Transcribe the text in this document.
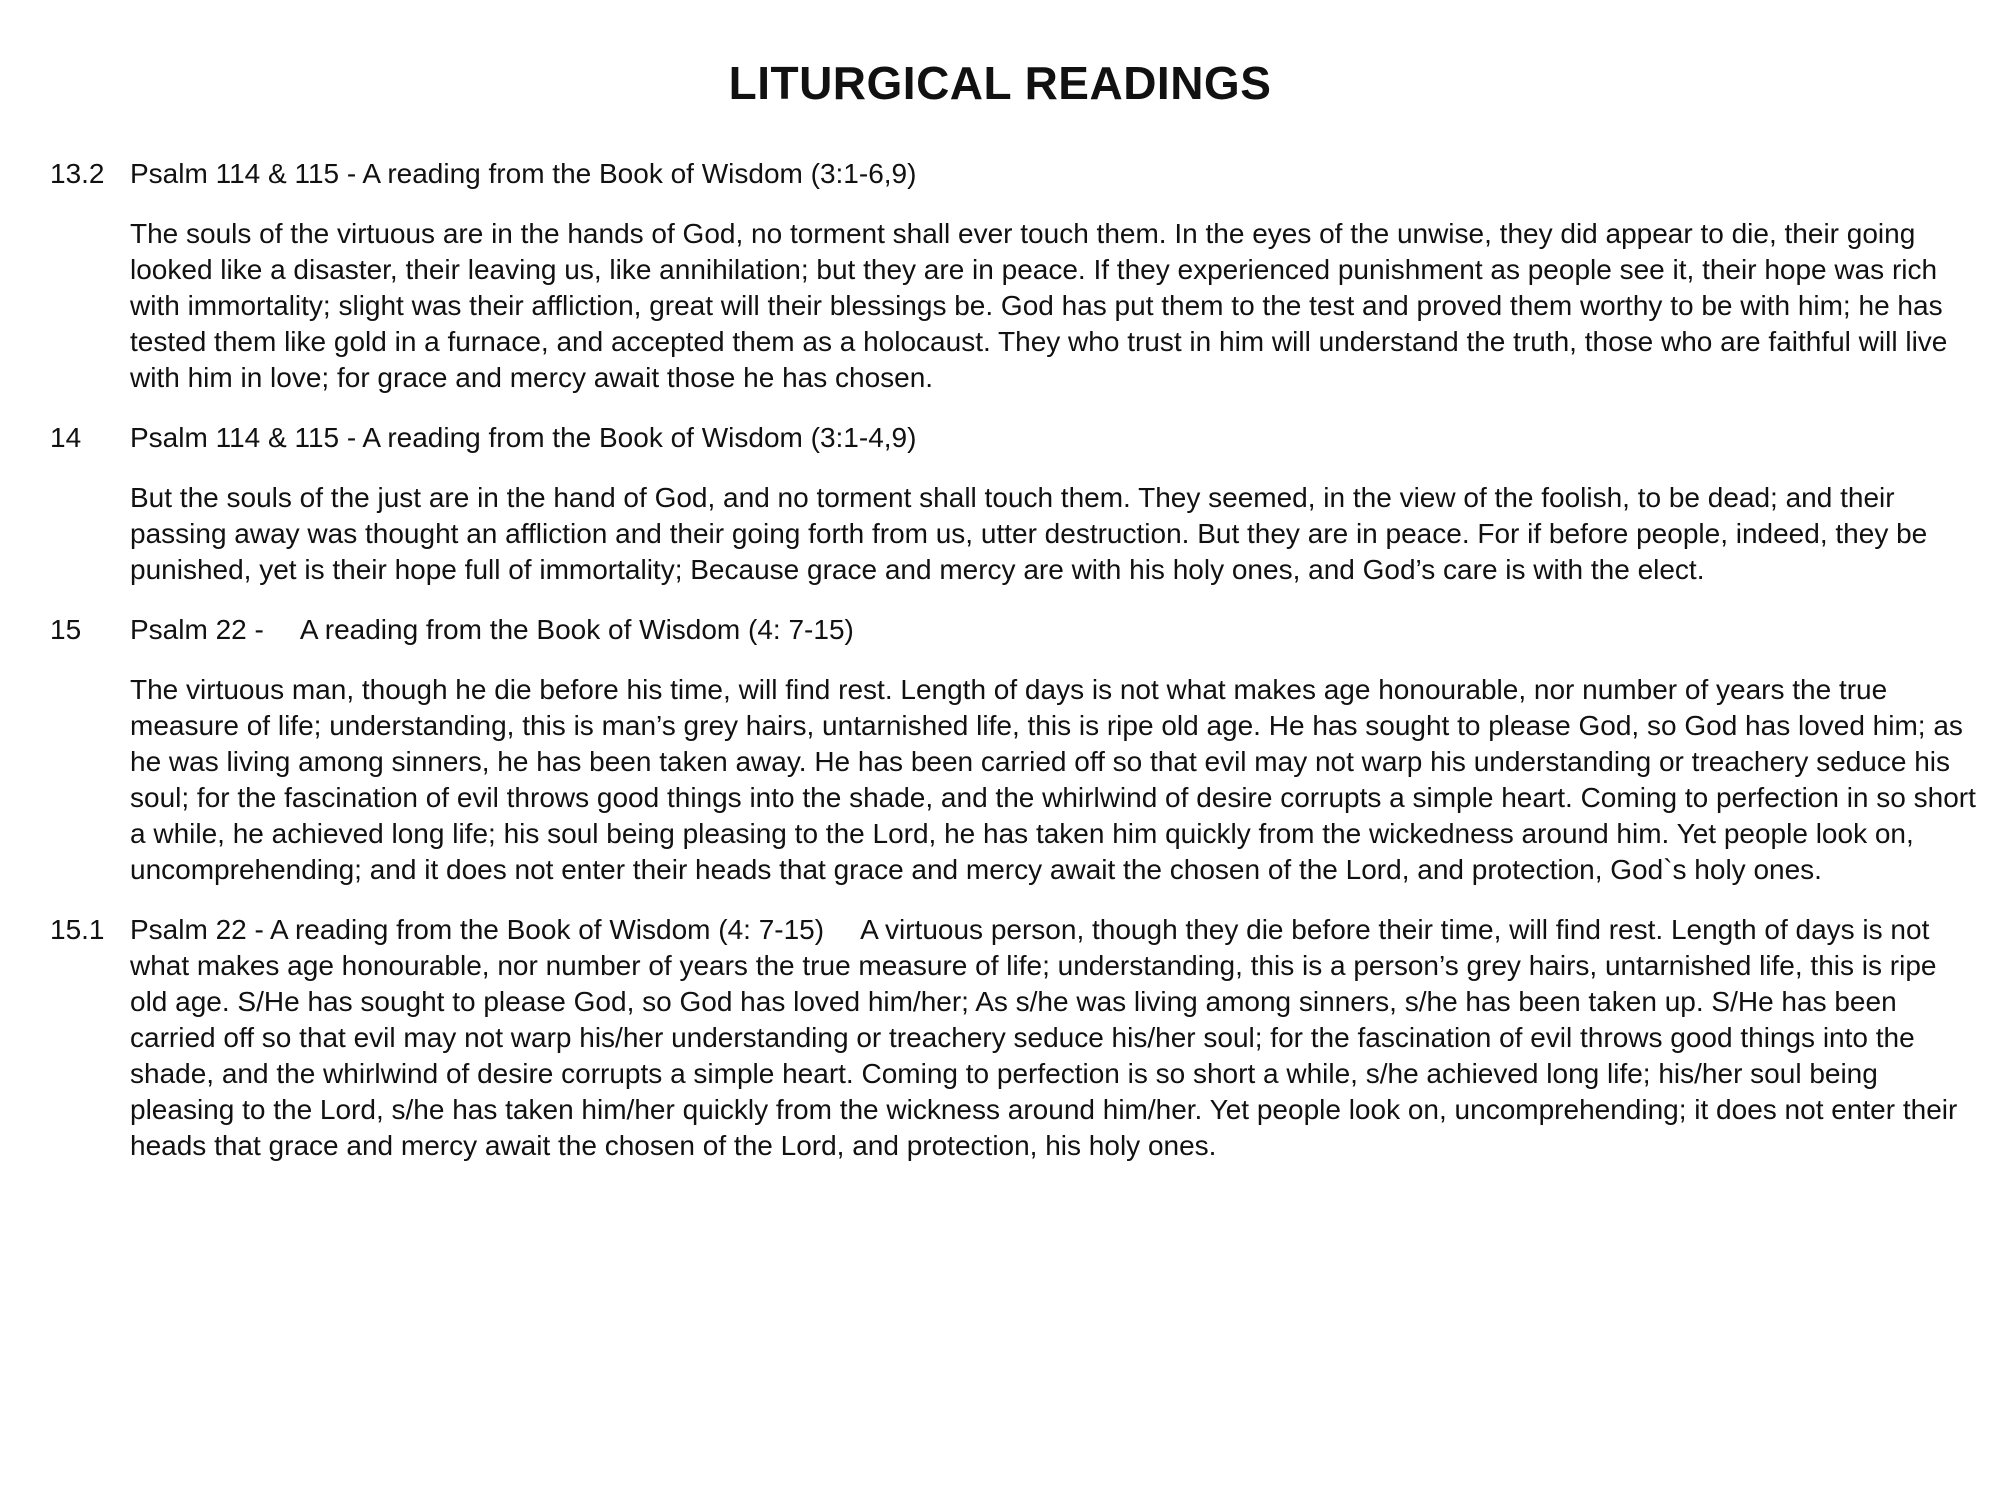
LITURGICAL READINGS
13.2 Psalm 114 & 115 - A reading from the Book of Wisdom (3:1-6,9)
The souls of the virtuous are in the hands of God, no torment shall ever touch them. In the eyes of the unwise, they did appear to die, their going looked like a disaster, their leaving us, like annihilation; but they are in peace. If they experienced punishment as people see it, their hope was rich with immortality; slight was their affliction, great will their blessings be. God has put them to the test and proved them worthy to be with him; he has tested them like gold in a furnace, and accepted them as a holocaust. They who trust in him will understand the truth, those who are faithful will live with him in love; for grace and mercy await those he has chosen.
14	Psalm 114 & 115 - A reading from the Book of Wisdom (3:1-4,9)
But the souls of the just are in the hand of God, and no torment shall touch them. They seemed, in the view of the foolish, to be dead; and their passing away was thought an affliction and their going forth from us, utter destruction. But they are in peace. For if before people, indeed, they be punished, yet is their hope full of immortality; Because grace and mercy are with his holy ones, and God’s care is with the elect.
15	Psalm 22 - A reading from the Book of Wisdom (4: 7-15)
The virtuous man, though he die before his time, will find rest. Length of days is not what makes age honourable, nor number of years the true measure of life; understanding, this is man’s grey hairs, untarnished life, this is ripe old age. He has sought to please God, so God has loved him; as he was living among sinners, he has been taken away. He has been carried off so that evil may not warp his understanding or treachery seduce his soul; for the fascination of evil throws good things into the shade, and the whirlwind of desire corrupts a simple heart. Coming to perfection in so short a while, he achieved long life; his soul being pleasing to the Lord, he has taken him quickly from the wickedness around him. Yet people look on, uncomprehending; and it does not enter their heads that grace and mercy await the chosen of the Lord, and protection, God`s holy ones.
15.1 Psalm 22 - A reading from the Book of Wisdom (4: 7-15) A virtuous person, though they die before their time, will find rest. Length of days is not what makes age honourable, nor number of years the true measure of life; understanding, this is a person’s grey hairs, untarnished life, this is ripe old age. S/He has sought to please God, so God has loved him/her; As s/he was living among sinners, s/he has been taken up. S/He has been carried off so that evil may not warp his/her understanding or treachery seduce his/her soul; for the fascination of evil throws good things into the shade, and the whirlwind of desire corrupts a simple heart. Coming to perfection is so short a while, s/he achieved long life; his/her soul being pleasing to the Lord, s/he has taken him/her quickly from the wickness around him/her. Yet people look on, uncomprehending; it does not enter their heads that grace and mercy await the chosen of the Lord, and protection, his holy ones.
